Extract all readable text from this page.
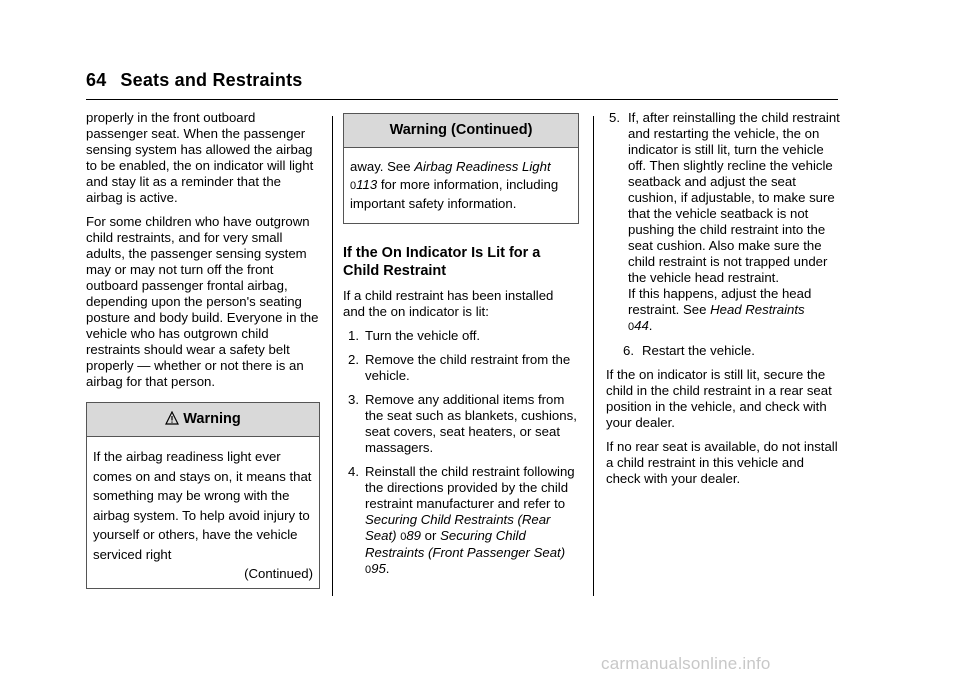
64 Seats and Restraints

properly in the front outboard passenger seat. When the passenger sensing system has allowed the airbag to be enabled, the on indicator will light and stay lit as a reminder that the airbag is active.

For some children who have outgrown child restraints, and for very small adults, the passenger sensing system may or may not turn off the front outboard passenger frontal airbag, depending upon the person's seating posture and body build. Everyone in the vehicle who has outgrown child restraints should wear a safety belt properly — whether or not there is an airbag for that person.

Warning
If the airbag readiness light ever comes on and stays on, it means that something may be wrong with the airbag system. To help avoid injury to yourself or others, have the vehicle serviced right
(Continued)
Warning (Continued)
away. See Airbag Readiness Light 0113 for more information, including important safety information.
If the On Indicator Is Lit for a Child Restraint

If a child restraint has been installed and the on indicator is lit:

1. Turn the vehicle off.
2. Remove the child restraint from the vehicle.
3. Remove any additional items from the seat such as blankets, cushions, seat covers, seat heaters, or seat massagers.
4. Reinstall the child restraint following the directions provided by the child restraint manufacturer and refer to Securing Child Restraints (Rear Seat) 089 or Securing Child Restraints (Front Passenger Seat) 095.
5. If, after reinstalling the child restraint and restarting the vehicle, the on indicator is still lit, turn the vehicle off. Then slightly recline the vehicle seatback and adjust the seat cushion, if adjustable, to make sure that the vehicle seatback is not pushing the child restraint into the seat cushion. Also make sure the child restraint is not trapped under the vehicle head restraint.
If this happens, adjust the head restraint. See Head Restraints
044.
6. Restart the vehicle.

If the on indicator is still lit, secure the child in the child restraint in a rear seat position in the vehicle, and check with your dealer.

If no rear seat is available, do not install a child restraint in this vehicle and check with your dealer.

carmanualsonline.info
